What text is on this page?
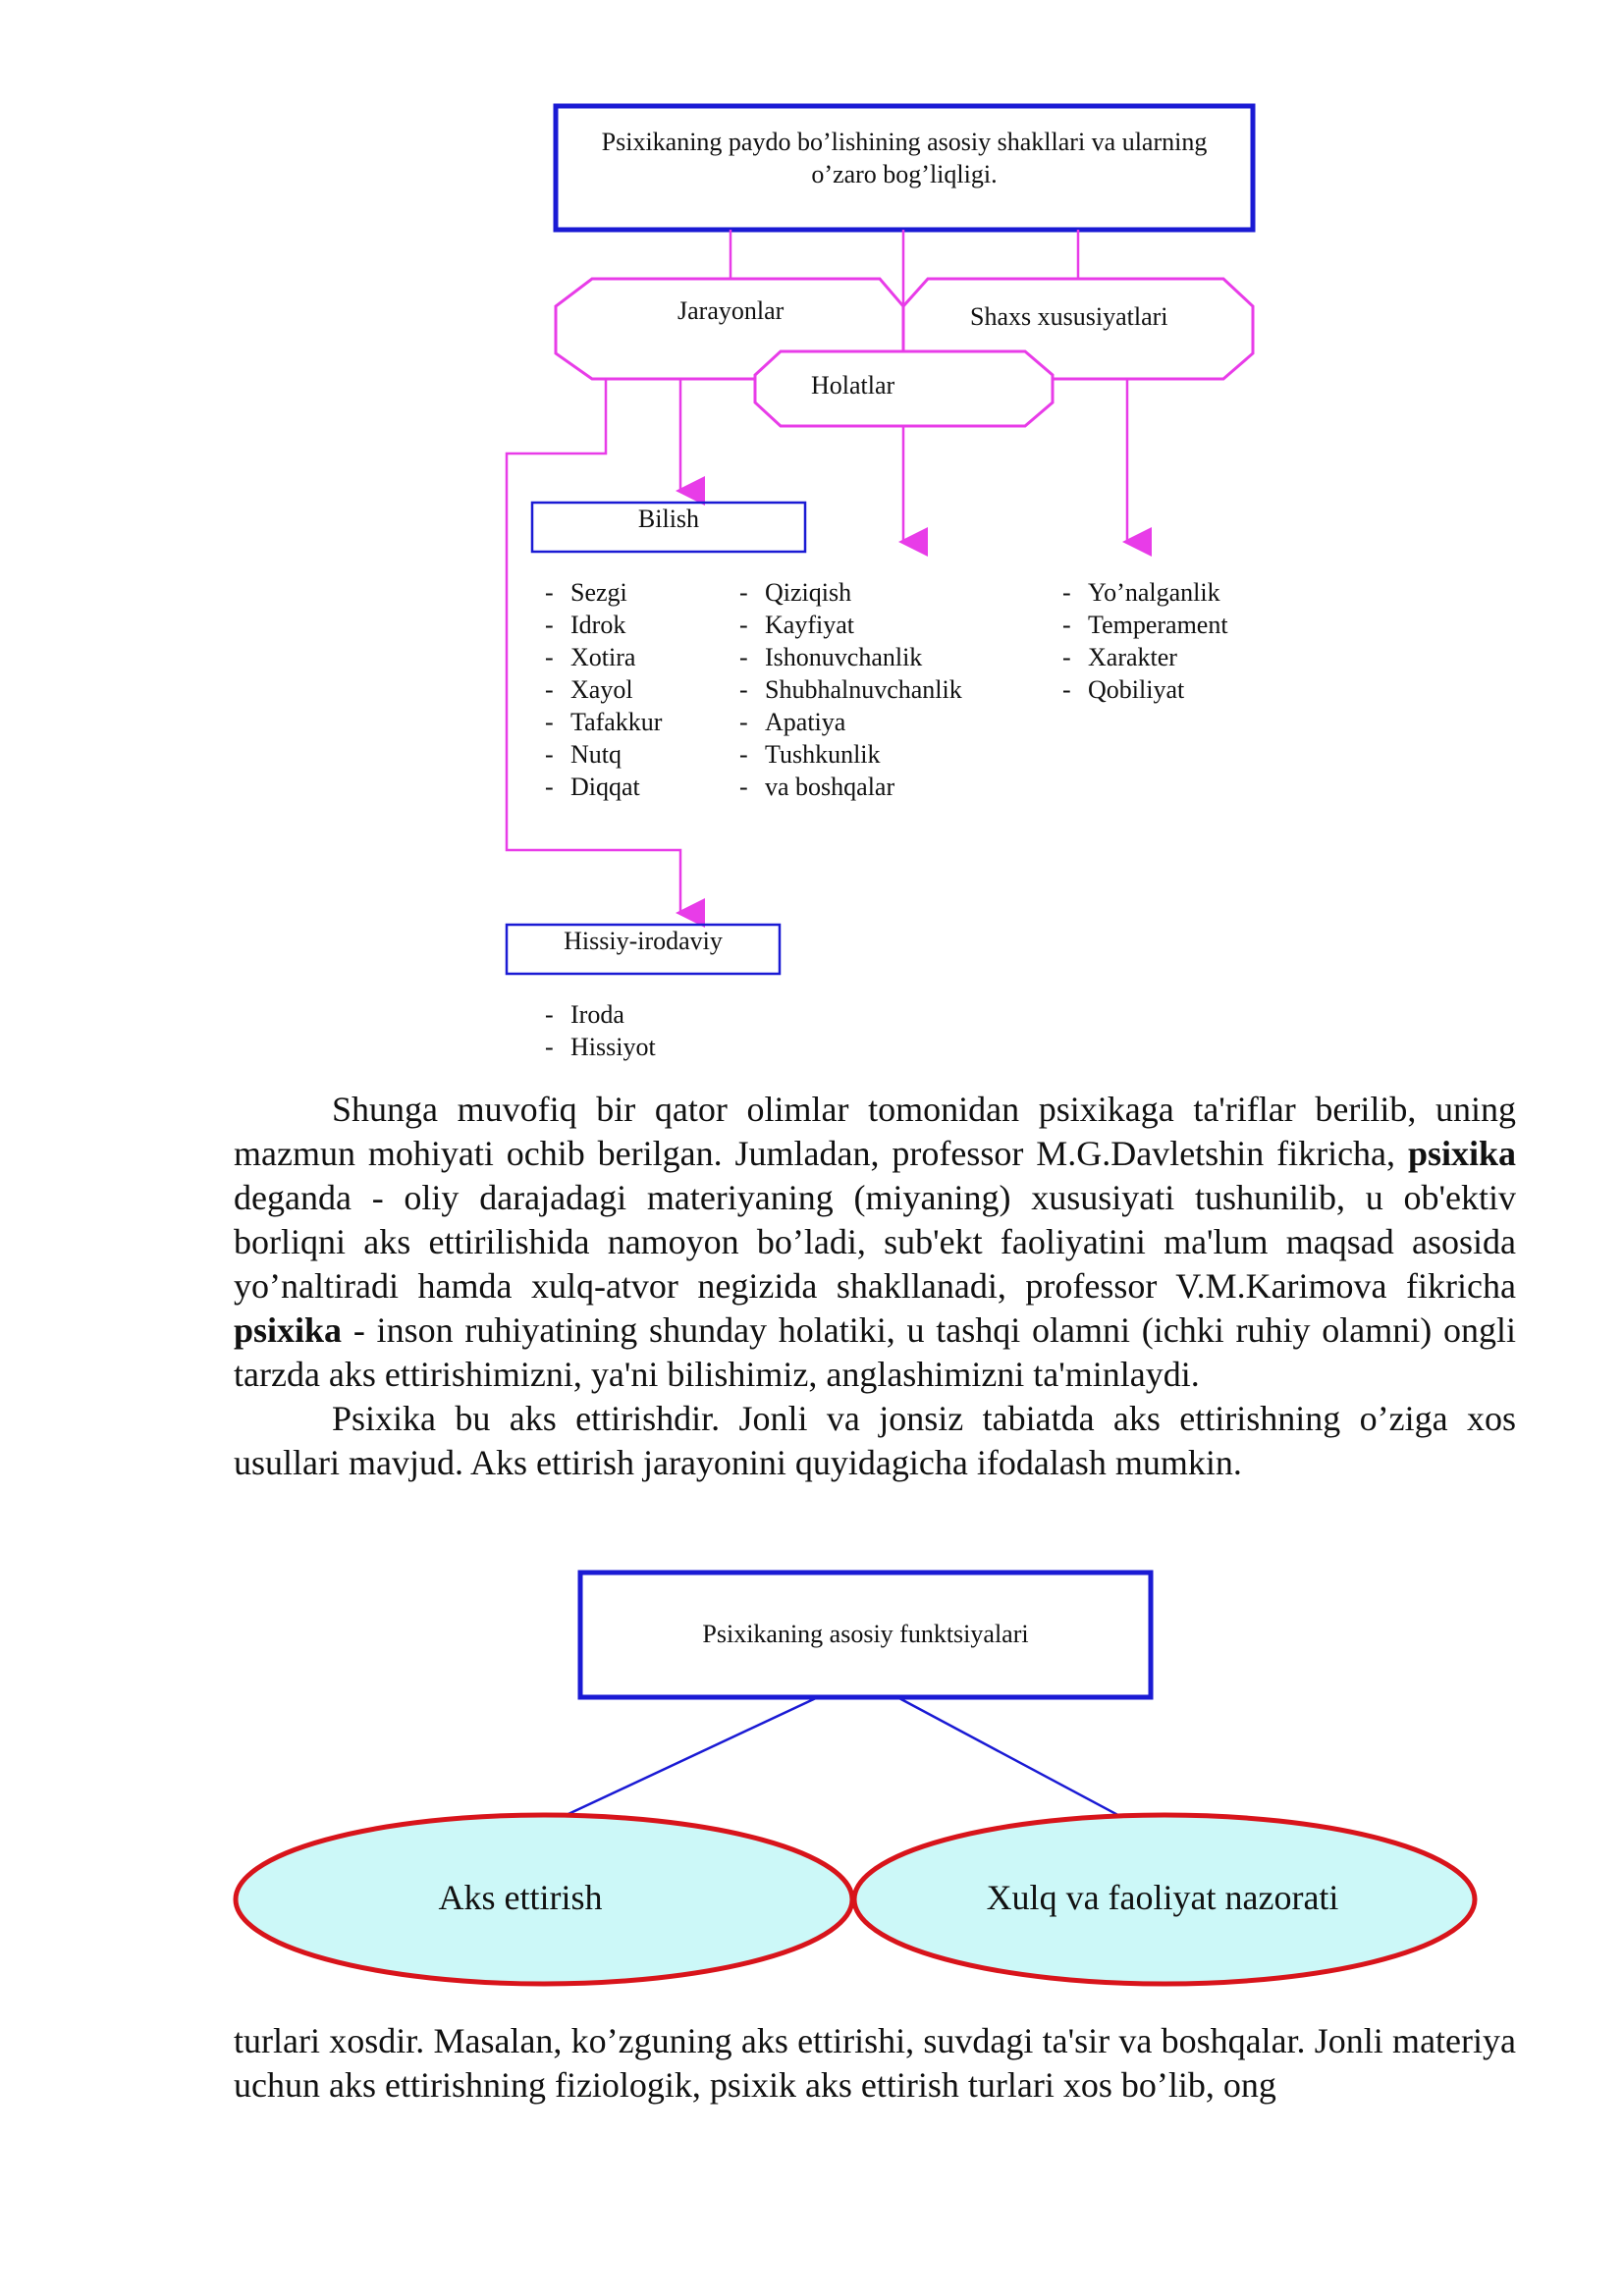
Psixikaning paydo bo’lishining asosiy shakllari va ularning o’zaro bog’liqligi.
Jarayonlar	Shaxs xususiyatlari
Holatlar
Bilish
Hissiy-irodaviy
- Sezgi
- Idrok
- Xotira
- Xayol
- Tafakkur
- Nutq
- Diqqat
- Qiziqish
- Kayfiyat
- Ishonuvchanlik
- Shubhalnuvchanlik
- Apatiya
- Tushkunlik
- va boshqalar
- Yo’nalganlik
- Temperament
- Xarakter
- Qobiliyat
- Iroda
- Hissiyot

Shunga muvofiq bir qator olimlar tomonidan psixikaga ta'riflar berilib, uning mazmun mohiyati ochib berilgan. Jumladan, professor M.G.Davletshin fikricha, psixika deganda - oliy darajadagi materiyaning (miyaning) xususiyati tushunilib, u ob'ektiv borliqni aks ettirilishida namoyon bo’ladi, sub'ekt faoliyatini ma'lum maqsad asosida yo’naltiradi hamda xulq-atvor negizida shakllanadi, professor V.M.Karimova fikricha psixika - inson ruhiyatining shunday holatiki, u tashqi olamni (ichki ruhiy olamni) ongli tarzda aks ettirishimizni, ya'ni bilishimiz, anglashimizni ta'minlaydi.

Psixika bu aks ettirishdir. Jonli va jonsiz tabiatda aks ettirishning o’ziga xos usullari mavjud. Aks ettirish jarayonini quyidagicha ifodalash mumkin.

Psixikaning asosiy funktsiyalari
Aks ettirish	Xulq va faoliyat nazorati

turlari xosdir. Masalan, ko’zguning aks ettirishi, suvdagi ta'sir va boshqalar. Jonli materiya uchun aks ettirishning fiziologik, psixik aks ettirish turlari xos bo’lib, ong
